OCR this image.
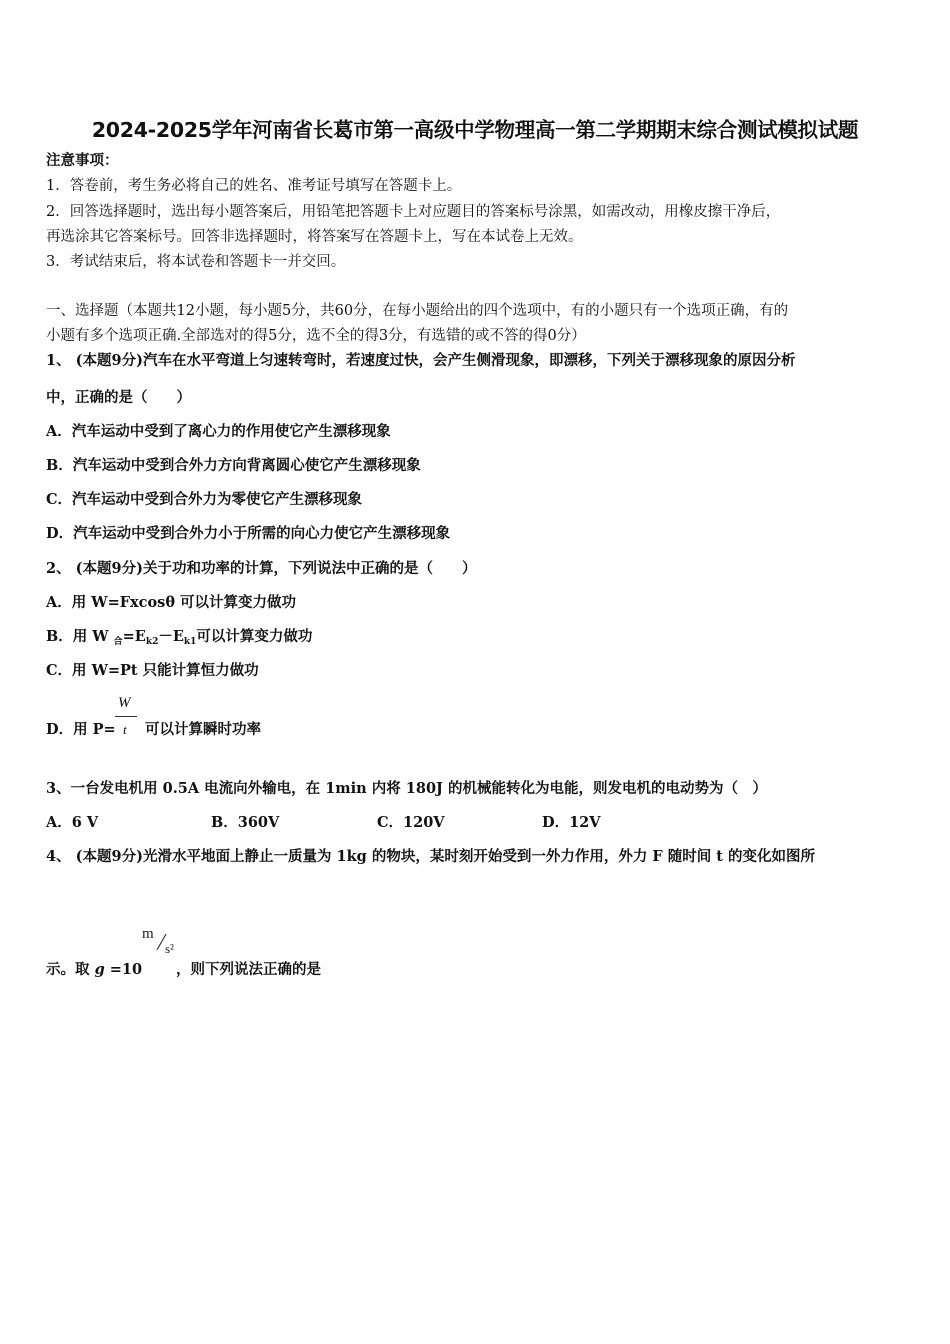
2024-2025学年河南省长葛市第一高级中学物理高一第二学期期末综合测试模拟试题
注意事项：
1．答卷前，考生务必将自己的姓名、准考证号填写在答题卡上。
2．回答选择题时，选出每小题答案后，用铅笔把答题卡上对应题目的答案标号涂黑，如需改动，用橡皮擦干净后，
再选涂其它答案标号。回答非选择题时，将答案写在答题卡上，写在本试卷上无效。
3．考试结束后，将本试卷和答题卡一并交回。
一、选择题（本题共12小题，每小题5分，共60分，在每小题给出的四个选项中，有的小题只有一个选项正确，有的
小题有多个选项正确.全部选对的得5分，选不全的得3分，有选错的或不答的得0分）
1、 (本题9分)汽车在水平弯道上匀速转弯时，若速度过快，会产生侧滑现象，即漂移，下列关于漂移现象的原因分析
中，正确的是（　　）
A．汽车运动中受到了离心力的作用使它产生漂移现象
B．汽车运动中受到合外力方向背离圆心使它产生漂移现象
C．汽车运动中受到合外力为零使它产生漂移现象
D．汽车运动中受到合外力小于所需的向心力使它产生漂移现象
2、 (本题9分)关于功和功率的计算，下列说法中正确的是（　　）
A．用 W=Fxcosθ 可以计算变力做功
B．用 W $_合=E_{k2}-E_{k1}$可以计算变力做功
C．用 W=Pt 只能计算恒力做功
D．用 P=
W
t 可以计算瞬时功率
3、一台发电机用 0.5A 电流向外输电，在 1min 内将 180J 的机械能转化为电能，则发电机的电动势为（　）
A．6 V	B．360V	C．120V	D．12V
4、 (本题9分)光滑水平地面上静止一质量为 1kg 的物块，某时刻开始受到一外力作用，外力 F 随时间 t 的变化如图所
示。取 g =10
m
s²
，则下列说法正确的是
